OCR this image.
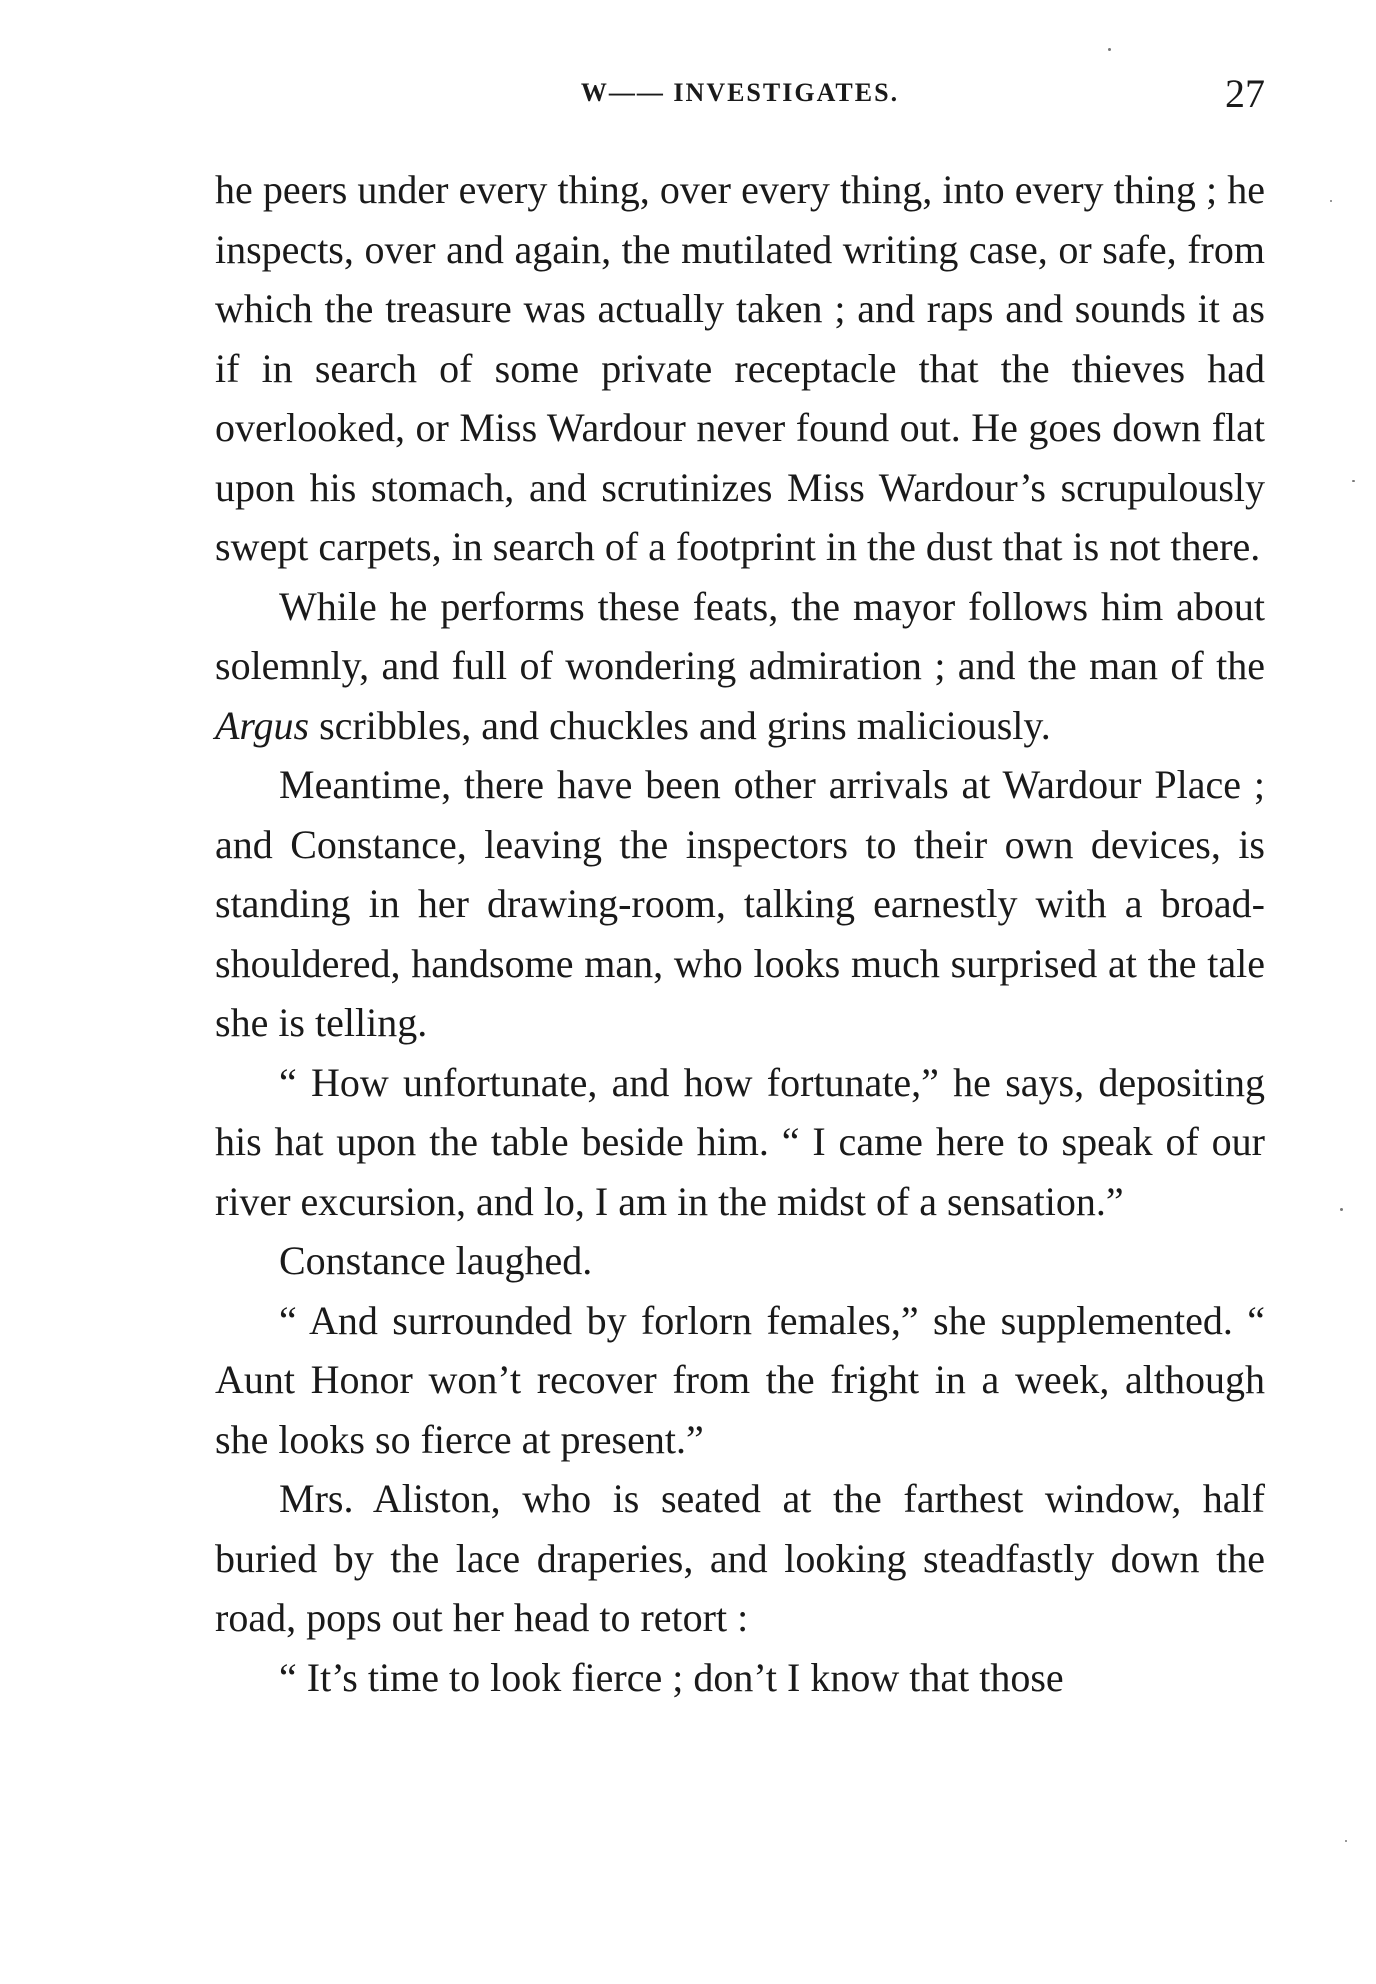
W—— INVESTIGATES.	27

he peers under every thing, over every thing, into every thing ; he inspects, over and again, the mutilated writing case, or safe, from which the treasure was actually taken ; and raps and sounds it as if in search of some private receptacle that the thieves had overlooked, or Miss Wardour never found out. He goes down flat upon his stomach, and scrutinizes Miss Wardour’s scrupulously swept carpets, in search of a footprint in the dust that is not there.

While he performs these feats, the mayor follows him about solemnly, and full of wondering admiration ; and the man of the Argus scribbles, and chuckles and grins maliciously.

Meantime, there have been other arrivals at Wardour Place ; and Constance, leaving the inspectors to their own devices, is standing in her drawing-room, talking earnestly with a broad-shouldered, handsome man, who looks much surprised at the tale she is telling.

“ How unfortunate, and how fortunate,” he says, depositing his hat upon the table beside him. “ I came here to speak of our river excursion, and lo, I am in the midst of a sensation.”

Constance laughed.

“ And surrounded by forlorn females,” she supplemented. “ Aunt Honor won’t recover from the fright in a week, although she looks so fierce at present.”

Mrs. Aliston, who is seated at the farthest window, half buried by the lace draperies, and looking steadfastly down the road, pops out her head to retort :

“ It’s time to look fierce ; don’t I know that those
